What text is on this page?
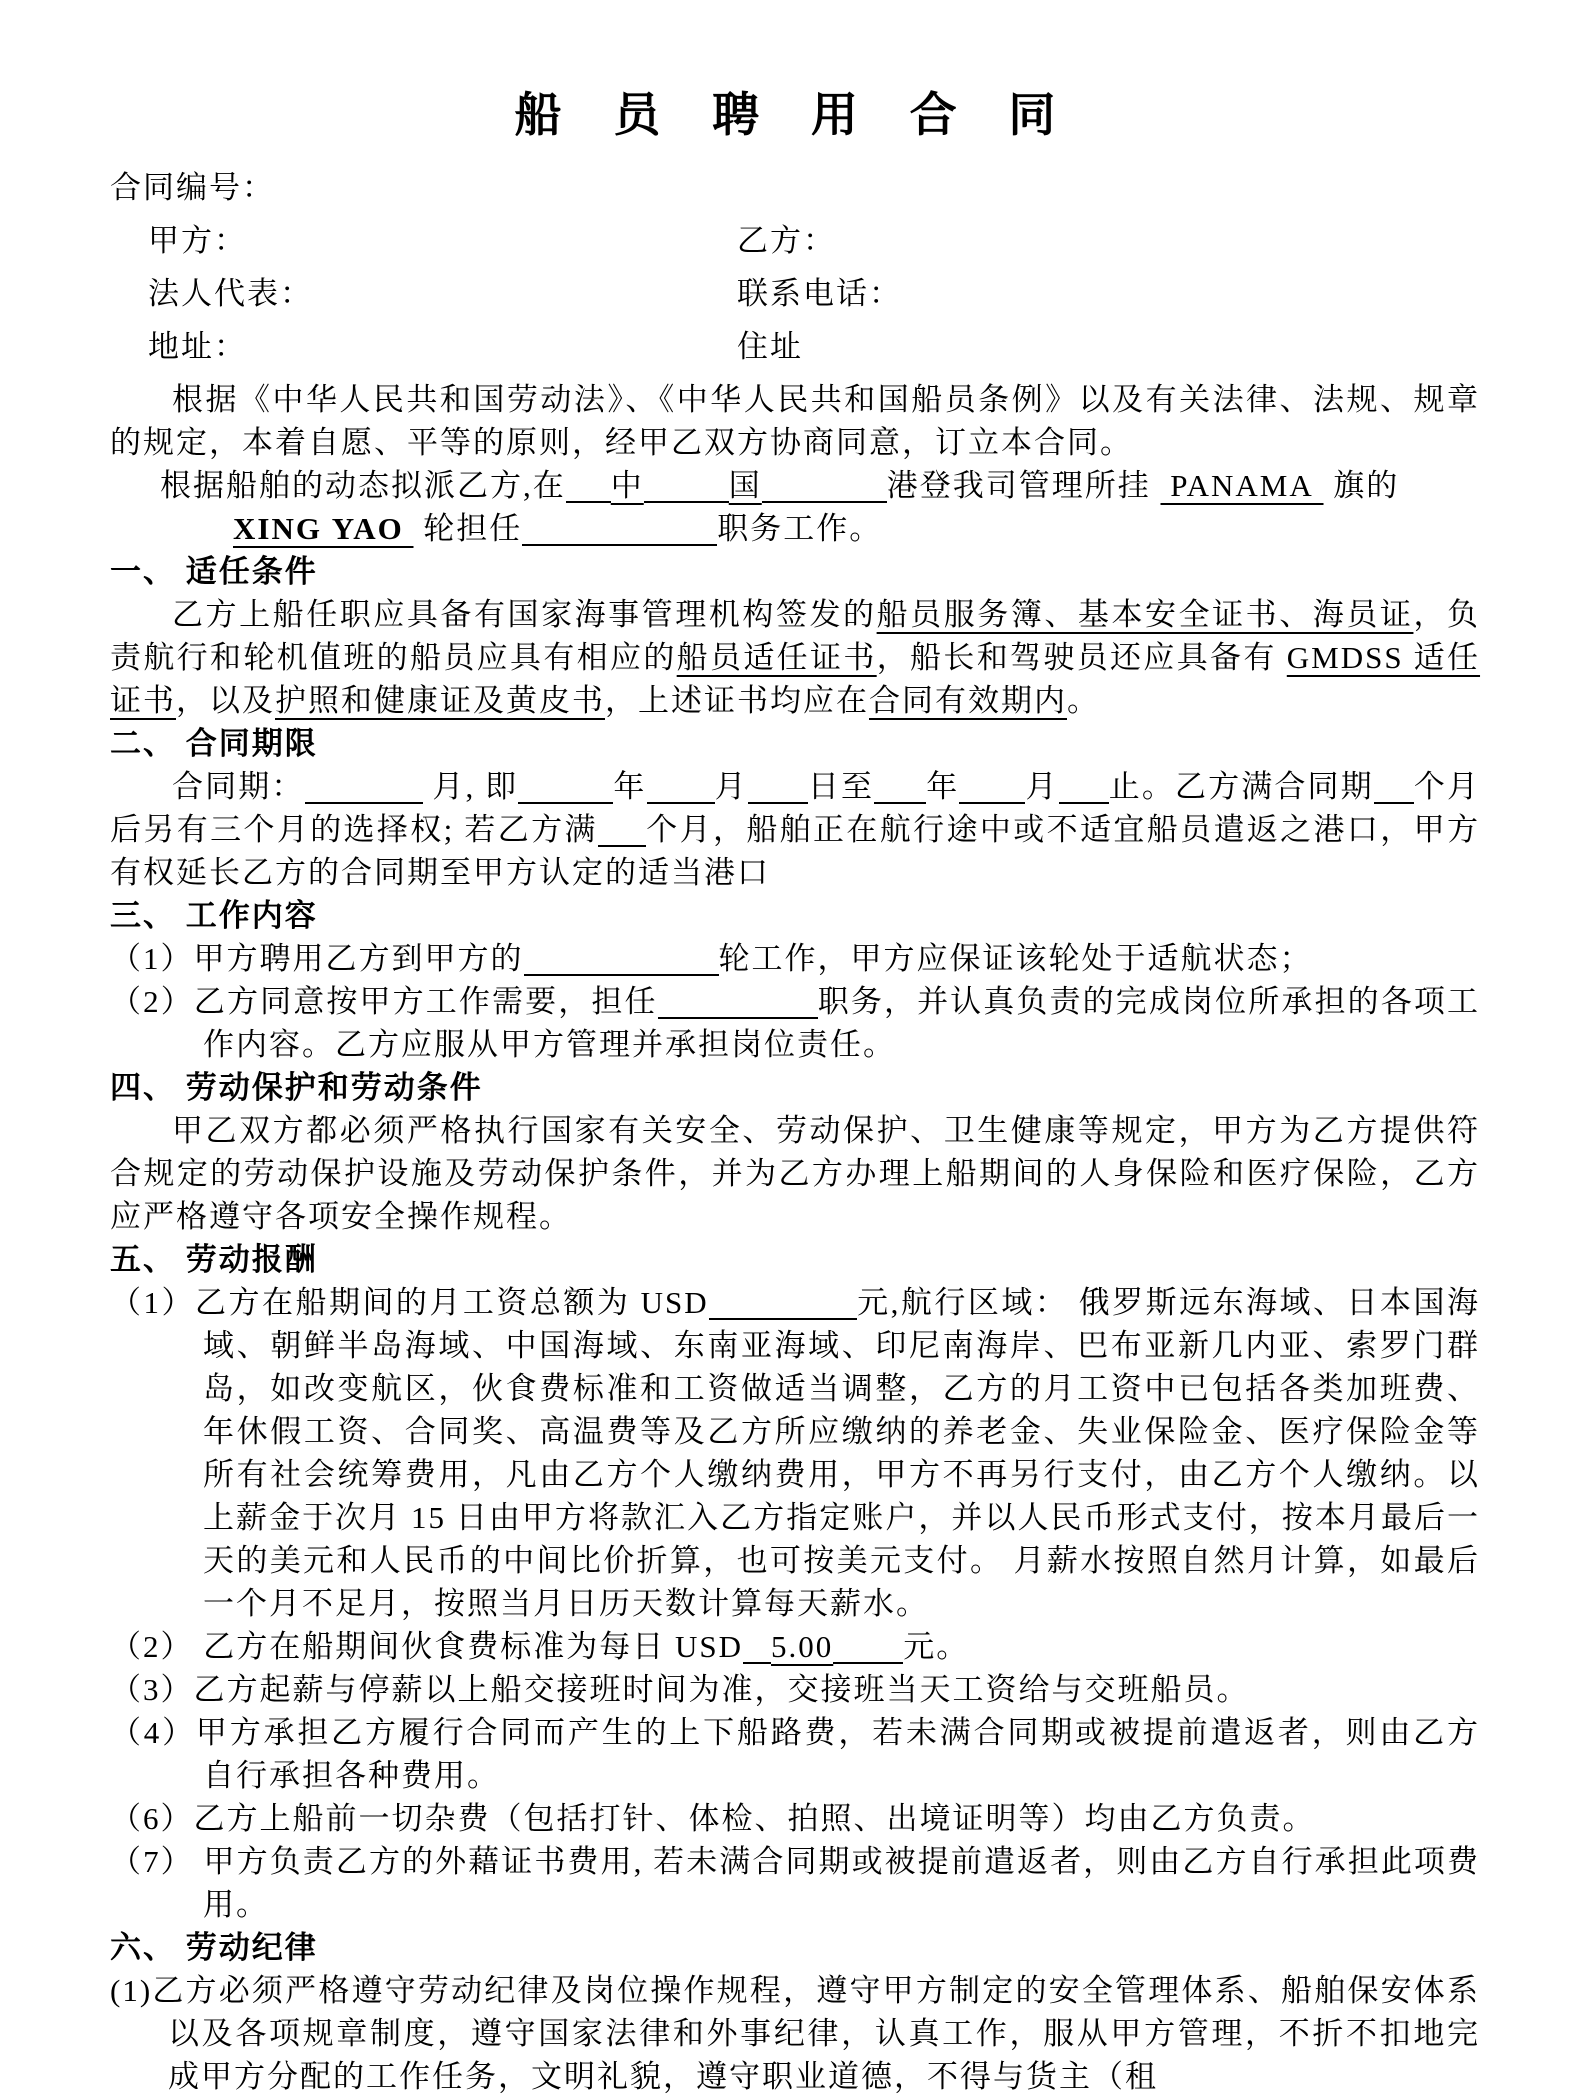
船 员 聘 用 合 同
合同编号：
甲方：	乙方：
法人代表：	联系电话：
地址：	住址

根据《中华人民共和国劳动法》、《中华人民共和国船员条例》以及有关法律、法规、规章的规定，本着自愿、平等的原则，经甲乙双方协商同意，订立本合同。

根据船舶的动态拟派乙方,在 中	国	港登我司管理所挂  PANAMA  旗的

XING YAO  轮担任	职务工作。

一、 适任条件

乙方上船任职应具备有国家海事管理机构签发的船员服务簿、基本安全证书、海员证，负责航行和轮机值班的船员应具有相应的船员适任证书，船长和驾驶员还应具备有 GMDSS 适任证书，以及护照和健康证及黄皮书，上述证书均应在合同有效期内。

二、 合同期限

合同期：	月, 即	年 月 日至 年 月 止。乙方满合同期 个月后另有三个月的选择权; 若乙方满 个月，船舶正在航行途中或不适宜船员遣返之港口，甲方有权延长乙方的合同期至甲方认定的适当港口

三、 工作内容

（1）甲方聘用乙方到甲方的	轮工作，甲方应保证该轮处于适航状态；

（2）乙方同意按甲方工作需要，担任	职务，并认真负责的完成岗位所承担的各项工作内容。乙方应服从甲方管理并承担岗位责任。

四、 劳动保护和劳动条件

甲乙双方都必须严格执行国家有关安全、劳动保护、卫生健康等规定，甲方为乙方提供符合规定的劳动保护设施及劳动保护条件，并为乙方办理上船期间的人身保险和医疗保险，乙方应严格遵守各项安全操作规程。

五、 劳动报酬

（1）乙方在船期间的月工资总额为 USD	元,航行区域： 俄罗斯远东海域、日本国海域、朝鲜半岛海域、中国海域、东南亚海域、印尼南海岸、巴布亚新几内亚、索罗门群岛，如改变航区，伙食费标准和工资做适当调整，乙方的月工资中已包括各类加班费、年休假工资、合同奖、高温费等及乙方所应缴纳的养老金、失业保险金、医疗保险金等所有社会统筹费用，凡由乙方个人缴纳费用，甲方不再另行支付，由乙方个人缴纳。以上薪金于次月 15 日由甲方将款汇入乙方指定账户，并以人民币形式支付，按本月最后一天的美元和人民币的中间比价折算，也可按美元支付。 月薪水按照自然月计算，如最后一个月不足月，按照当月日历天数计算每天薪水。

（2） 乙方在船期间伙食费标准为每日 USD 5.00 元。

（3）乙方起薪与停薪以上船交接班时间为准，交接班当天工资给与交班船员。

（4）甲方承担乙方履行合同而产生的上下船路费，若未满合同期或被提前遣返者，则由乙方自行承担各种费用。

（6）乙方上船前一切杂费（包括打针、体检、拍照、出境证明等）均由乙方负责。

（7） 甲方负责乙方的外藉证书费用, 若未满合同期或被提前遣返者，则由乙方自行承担此项费用。

六、 劳动纪律

(1)乙方必须严格遵守劳动纪律及岗位操作规程，遵守甲方制定的安全管理体系、船舶保安体系以及各项规章制度，遵守国家法律和外事纪律，认真工作，服从甲方管理，不折不扣地完成甲方分配的工作任务，文明礼貌，遵守职业道德，不得与货主（租
